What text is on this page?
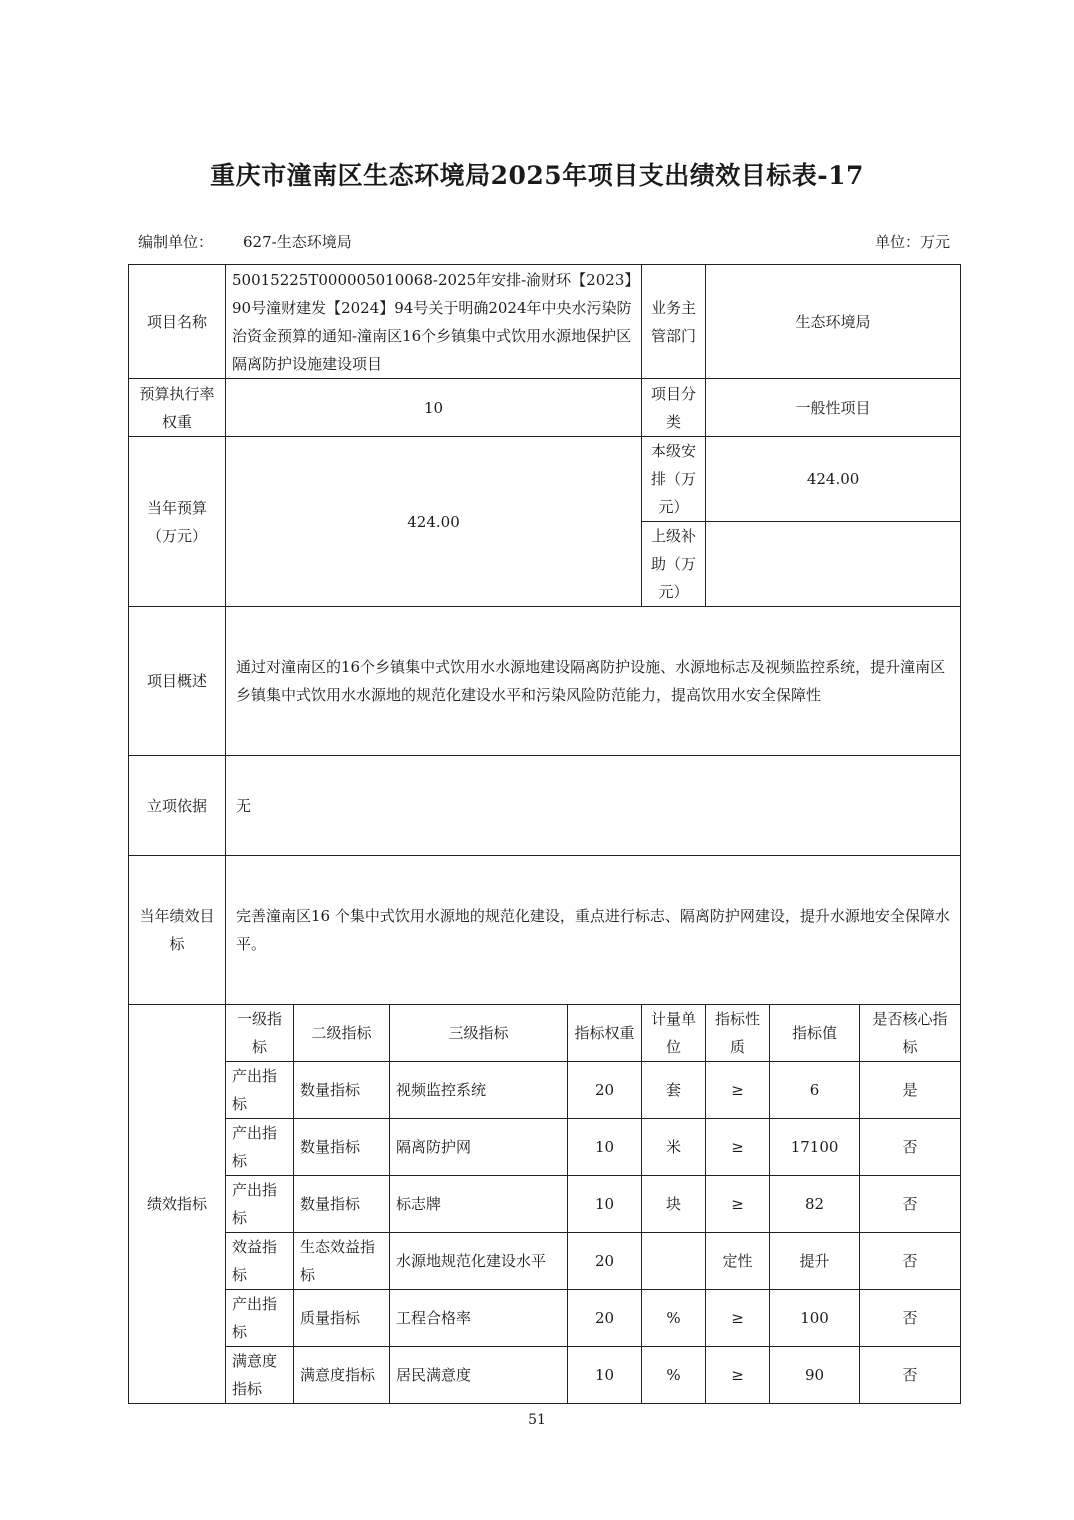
重庆市潼南区生态环境局2025年项目支出绩效目标表-17
编制单位： 627-生态环境局	单位：万元
项目名称	50015225T000005010068-2025年安排-渝财环【2023】90号潼财建发【2024】94号关于明确2024年中央水污染防治资金预算的通知-潼南区16个乡镇集中式饮用水源地保护区隔离防护设施建设项目				业务主管部门	生态环境局		
预算执行率权重	10				项目分类	一般性项目		
当年预算（万元）	424.00				本级安排（万元）	424.00		
					上级补助（万元）			
项目概述	通过对潼南区的16个乡镇集中式饮用水水源地建设隔离防护设施、水源地标志及视频监控系统，提升潼南区乡镇集中式饮用水水源地的规范化建设水平和污染风险防范能力，提高饮用水安全保障性							
立项依据	无							
当年绩效目标	完善潼南区16 个集中式饮用水源地的规范化建设，重点进行标志、隔离防护网建设，提升水源地安全保障水平。							
绩效指标	一级指标	二级指标	三级指标	指标权重	计量单位	指标性质	指标值	是否核心指标
	产出指标	数量指标	视频监控系统	20	套	≥	6	是
	产出指标	数量指标	隔离防护网	10	米	≥	17100	否
	产出指标	数量指标	标志牌	10	块	≥	82	否
	效益指标	生态效益指标	水源地规范化建设水平	20		定性	提升	否
	产出指标	质量指标	工程合格率	20	%	≥	100	否
	满意度指标	满意度指标	居民满意度	10	%	≥	90	否
51
